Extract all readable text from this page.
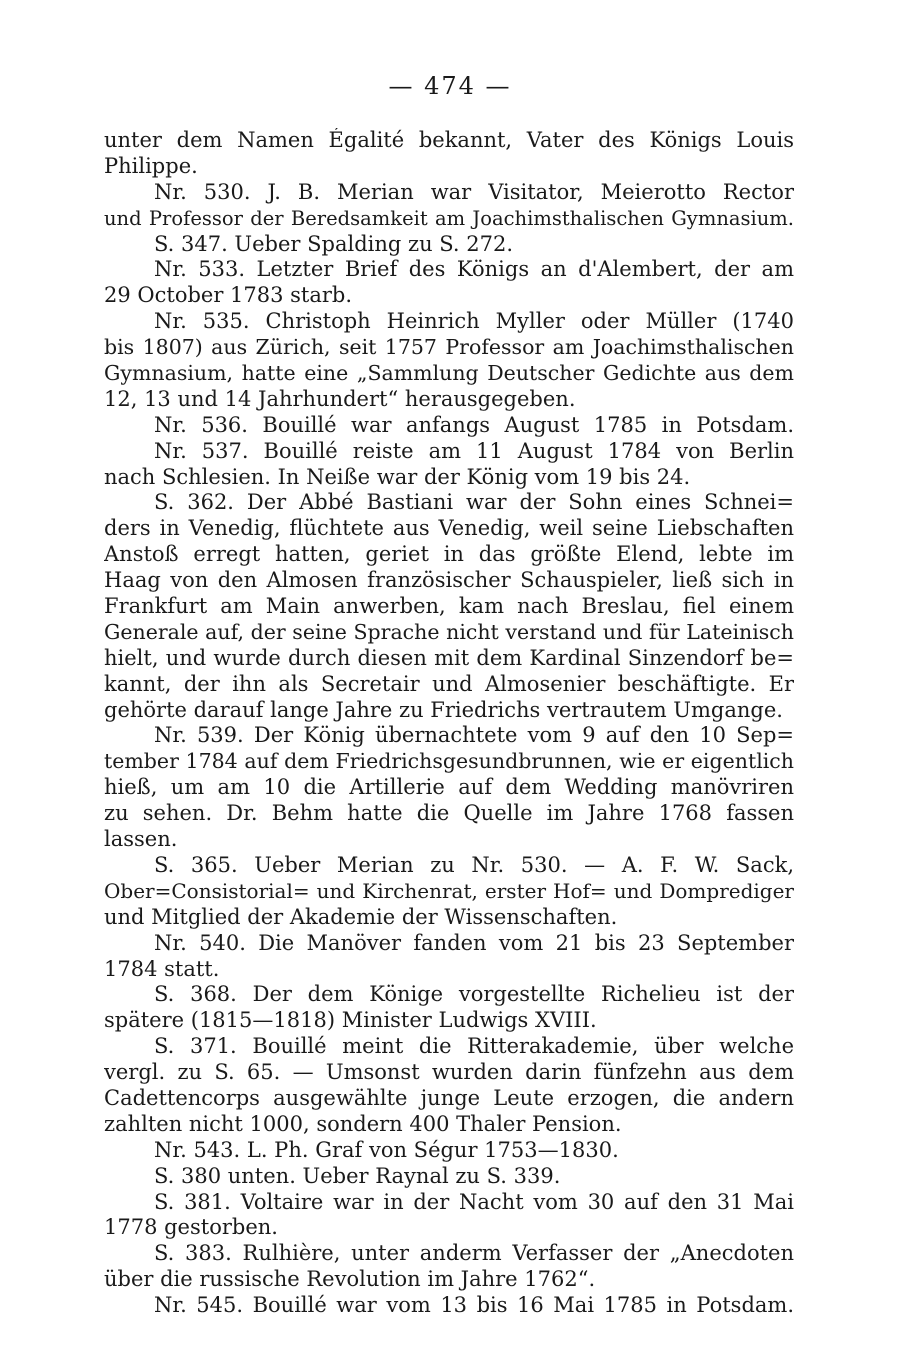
— 474 —
unter dem Namen Égalité bekannt, Vater des Königs Louis
Philippe.
Nr. 530. J. B. Merian war Visitator, Meierotto Rector
und Professor der Beredsamkeit am Joachimsthalischen Gymnasium.
S. 347. Ueber Spalding zu S. 272.
Nr. 533. Letzter Brief des Königs an d'Alembert, der am
29 October 1783 starb.
Nr. 535. Christoph Heinrich Myller oder Müller (1740
bis 1807) aus Zürich, seit 1757 Professor am Joachimsthalischen
Gymnasium, hatte eine „Sammlung Deutscher Gedichte aus dem
12, 13 und 14 Jahrhundert“ herausgegeben.
Nr. 536. Bouillé war anfangs August 1785 in Potsdam.
Nr. 537. Bouillé reiste am 11 August 1784 von Berlin
nach Schlesien. In Neiße war der König vom 19 bis 24.
S. 362. Der Abbé Bastiani war der Sohn eines Schnei=
ders in Venedig, flüchtete aus Venedig, weil seine Liebschaften
Anstoß erregt hatten, geriet in das größte Elend, lebte im
Haag von den Almosen französischer Schauspieler, ließ sich in
Frankfurt am Main anwerben, kam nach Breslau, fiel einem
Generale auf, der seine Sprache nicht verstand und für Lateinisch
hielt, und wurde durch diesen mit dem Kardinal Sinzendorf be=
kannt, der ihn als Secretair und Almosenier beschäftigte. Er
gehörte darauf lange Jahre zu Friedrichs vertrautem Umgange.
Nr. 539. Der König übernachtete vom 9 auf den 10 Sep=
tember 1784 auf dem Friedrichsgesundbrunnen, wie er eigentlich
hieß, um am 10 die Artillerie auf dem Wedding manövriren
zu sehen. Dr. Behm hatte die Quelle im Jahre 1768 fassen
lassen.
S. 365. Ueber Merian zu Nr. 530. — A. F. W. Sack,
Ober=Consistorial= und Kirchenrat, erster Hof= und Domprediger
und Mitglied der Akademie der Wissenschaften.
Nr. 540. Die Manöver fanden vom 21 bis 23 September
1784 statt.
S. 368. Der dem Könige vorgestellte Richelieu ist der
spätere (1815—1818) Minister Ludwigs XVIII.
S. 371. Bouillé meint die Ritterakademie, über welche
vergl. zu S. 65. — Umsonst wurden darin fünfzehn aus dem
Cadettencorps ausgewählte junge Leute erzogen, die andern
zahlten nicht 1000, sondern 400 Thaler Pension.
Nr. 543. L. Ph. Graf von Ségur 1753—1830.
S. 380 unten. Ueber Raynal zu S. 339.
S. 381. Voltaire war in der Nacht vom 30 auf den 31 Mai
1778 gestorben.
S. 383. Rulhière, unter anderm Verfasser der „Anecdoten
über die russische Revolution im Jahre 1762“.
Nr. 545. Bouillé war vom 13 bis 16 Mai 1785 in Potsdam.
